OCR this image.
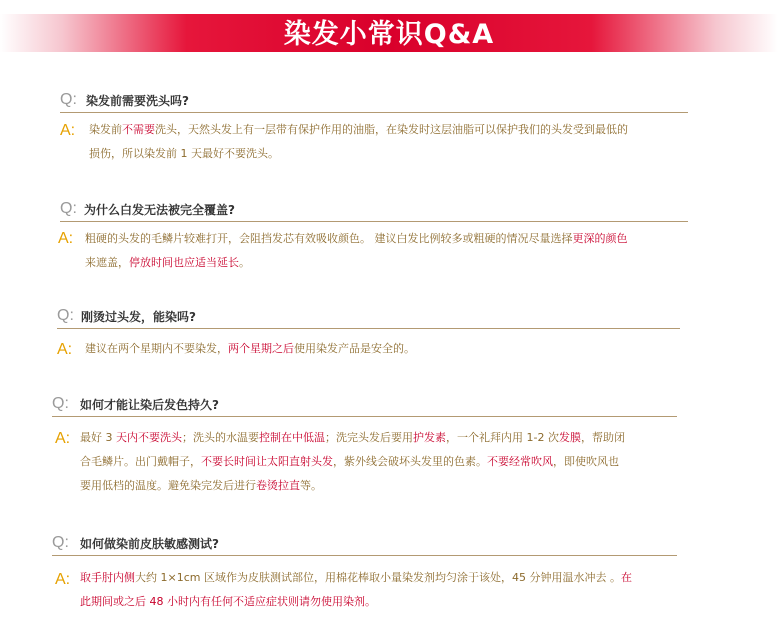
染发小常识Q&A
Q: 染发前需要洗头吗?
A: 染发前不需要洗头，天然头发上有一层带有保护作用的油脂，在染发时这层油脂可以保护我们的头发受到最低的
损伤，所以染发前 1 天最好不要洗头。
Q: 为什么白发无法被完全覆盖?
A: 粗硬的头发的毛鳞片较难打开，会阻挡发芯有效吸收颜色。 建议白发比例较多或粗硬的情况尽量选择更深的颜色
来遮盖，停放时间也应适当延长。
Q: 刚烫过头发，能染吗?
A: 建议在两个星期内不要染发，两个星期之后使用染发产品是安全的。
Q: 如何才能让染后发色持久?
A: 最好 3 天内不要洗头；洗头的水温要控制在中低温；洗完头发后要用护发素，一个礼拜内用 1-2 次发膜，帮助闭
合毛鳞片。出门戴帽子，不要长时间让太阳直射头发，紫外线会破坏头发里的色素。不要经常吹风，即使吹风也
要用低档的温度。避免染完发后进行卷烫拉直等。
Q: 如何做染前皮肤敏感测试?
A: 取手肘内侧大约 1×1cm 区域作为皮肤测试部位，用棉花棒取小量染发剂均匀涂于该处，45 分钟用温水冲去 。在
此期间或之后 48 小时内有任何不适应症状则请勿使用染剂。
